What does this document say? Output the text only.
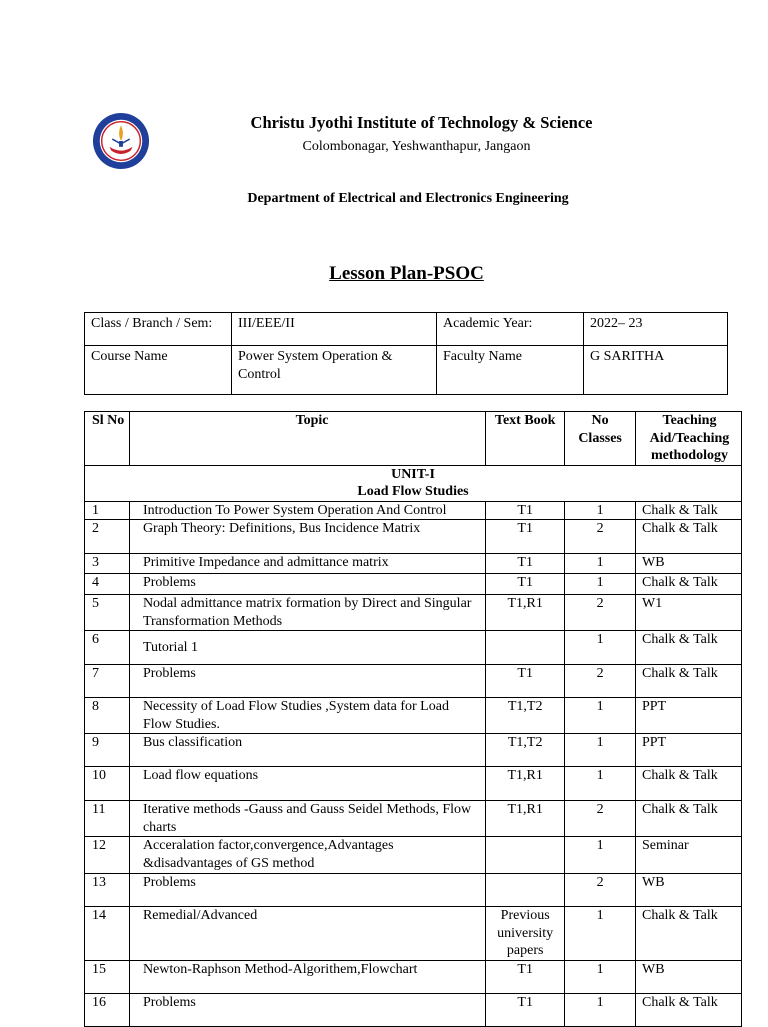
Christu Jyothi Institute of Technology & Science
Colombonagar, Yeshwanthapur, Jangaon
Department of Electrical and Electronics Engineering
Lesson Plan-PSOC
Class / Branch / Sem:	III/EEE/II	Academic Year:	2022– 23
Course Name	Power System Operation & Control	Faculty Name	G SARITHA
Sl No	Topic	Text Book	No Classes	Teaching Aid/Teaching methodology

UNIT-I
Load Flow Studies				

1	Introduction To Power System Operation And Control	T1	1	Chalk & Talk
2	Graph Theory: Definitions, Bus Incidence Matrix	T1	2	Chalk & Talk
3	Primitive Impedance and admittance matrix	T1	1	WB
4	Problems	T1	1	Chalk & Talk
5	Nodal admittance matrix formation by Direct and Singular Transformation Methods	T1,R1	2	W1
6	Tutorial 1		1	Chalk & Talk
7	Problems	T1	2	Chalk & Talk
8	Necessity of Load Flow Studies ,System data for Load Flow Studies.	T1,T2	1	PPT
9	Bus classification	T1,T2	1	PPT
10	Load flow equations	T1,R1	1	Chalk & Talk
11	Iterative methods -Gauss and Gauss Seidel Methods, Flow charts	T1,R1	2	Chalk & Talk
12	Acceralation factor,convergence,Advantages &disadvantages of GS method		1	Seminar
13	Problems		2	WB
14	Remedial/Advanced	Previous university papers	1	Chalk & Talk
15	Newton-Raphson Method-Algorithem,Flowchart	T1	1	WB
16	Problems	T1	1	Chalk & Talk
